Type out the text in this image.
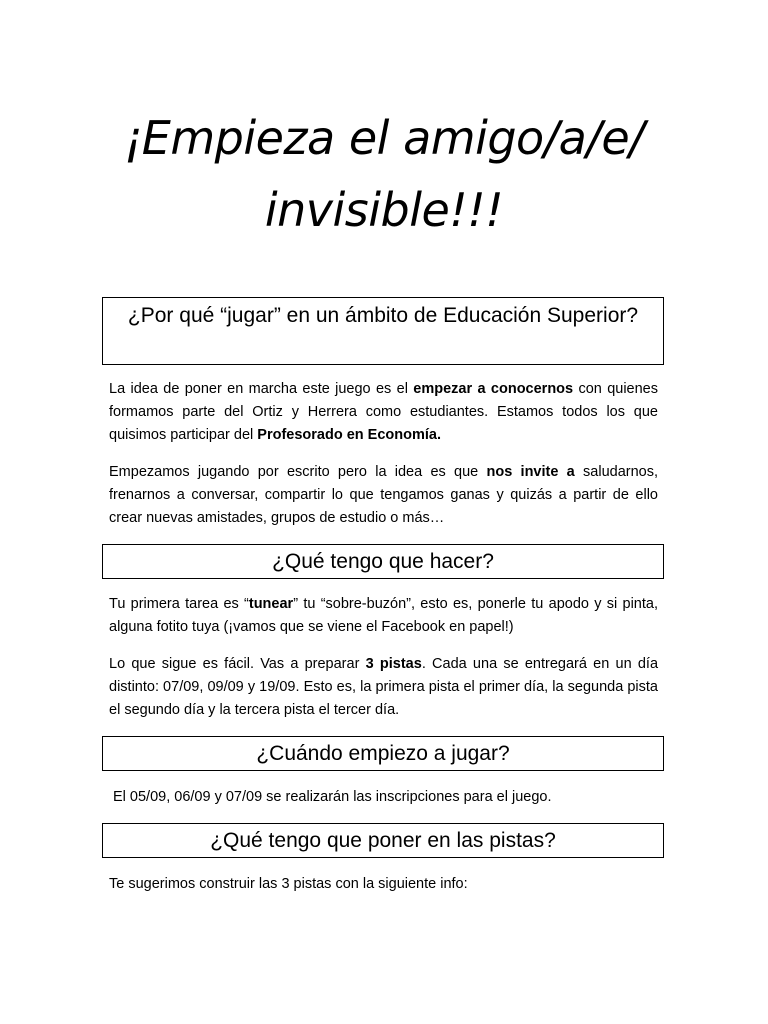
¡Empieza el amigo/a/e/
invisible!!!
¿Por qué “jugar” en un ámbito de Educación Superior?

La idea de poner en marcha este juego es el empezar a conocernos con quienes formamos parte del Ortiz y Herrera como estudiantes. Estamos todos los que quisimos participar del Profesorado en Economía.

Empezamos jugando por escrito pero la idea es que nos invite a saludarnos, frenarnos a conversar, compartir lo que tengamos ganas y quizás a partir de ello crear nuevas amistades, grupos de estudio o más…

¿Qué tengo que hacer?

Tu primera tarea es “tunear” tu “sobre-buzón”, esto es, ponerle tu apodo y si pinta, alguna fotito tuya (¡vamos que se viene el Facebook en papel!)

Lo que sigue es fácil. Vas a preparar 3 pistas. Cada una se entregará en un día distinto: 07/09, 09/09 y 19/09. Esto es, la primera pista el primer día, la segunda pista el segundo día y la tercera pista el tercer día.

¿Cuándo empiezo a jugar?

El 05/09, 06/09 y 07/09 se realizarán las inscripciones para el juego.

¿Qué tengo que poner en las pistas?

Te sugerimos construir las 3 pistas con la siguiente info:
